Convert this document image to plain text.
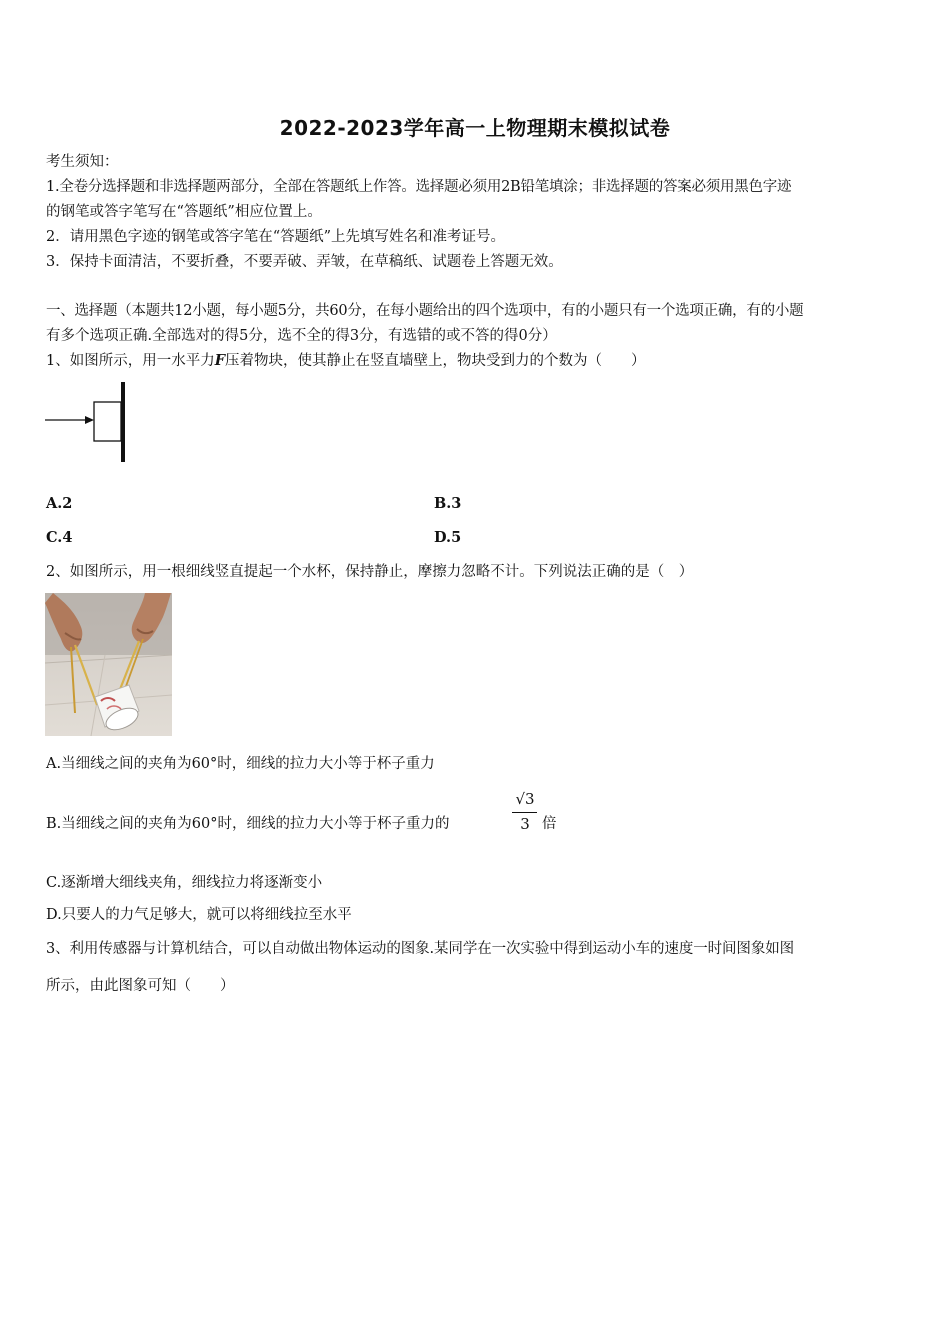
2022-2023学年高一上物理期末模拟试卷
考生须知：
1.全卷分选择题和非选择题两部分，全部在答题纸上作答。选择题必须用2B铅笔填涂；非选择题的答案必须用黑色字迹
的钢笔或答字笔写在“答题纸”相应位置上。
2．请用黑色字迹的钢笔或答字笔在“答题纸”上先填写姓名和准考证号。
3．保持卡面清洁，不要折叠，不要弄破、弄皱，在草稿纸、试题卷上答题无效。
一、选择题（本题共12小题，每小题5分，共60分，在每小题给出的四个选项中，有的小题只有一个选项正确，有的小题
有多个选项正确.全部选对的得5分，选不全的得3分，有选错的或不答的得0分）
1、如图所示，用一水平力F压着物块，使其静止在竖直墙壁上，物块受到力的个数为（　　）
A.2	B.3
C.4	D.5
2、如图所示，用一根细线竖直提起一个水杯，保持静止，摩擦力忽略不计。下列说法正确的是（　）
A.当细线之间的夹角为60°时，细线的拉力大小等于杯子重力
B.当细线之间的夹角为60°时，细线的拉力大小等于杯子重力的
√3
3 倍
C.逐渐增大细线夹角，细线拉力将逐渐变小
D.只要人的力气足够大，就可以将细线拉至水平
3、利用传感器与计算机结合，可以自动做出物体运动的图象.某同学在一次实验中得到运动小车的速度一时间图象如图
所示，由此图象可知（　　）
